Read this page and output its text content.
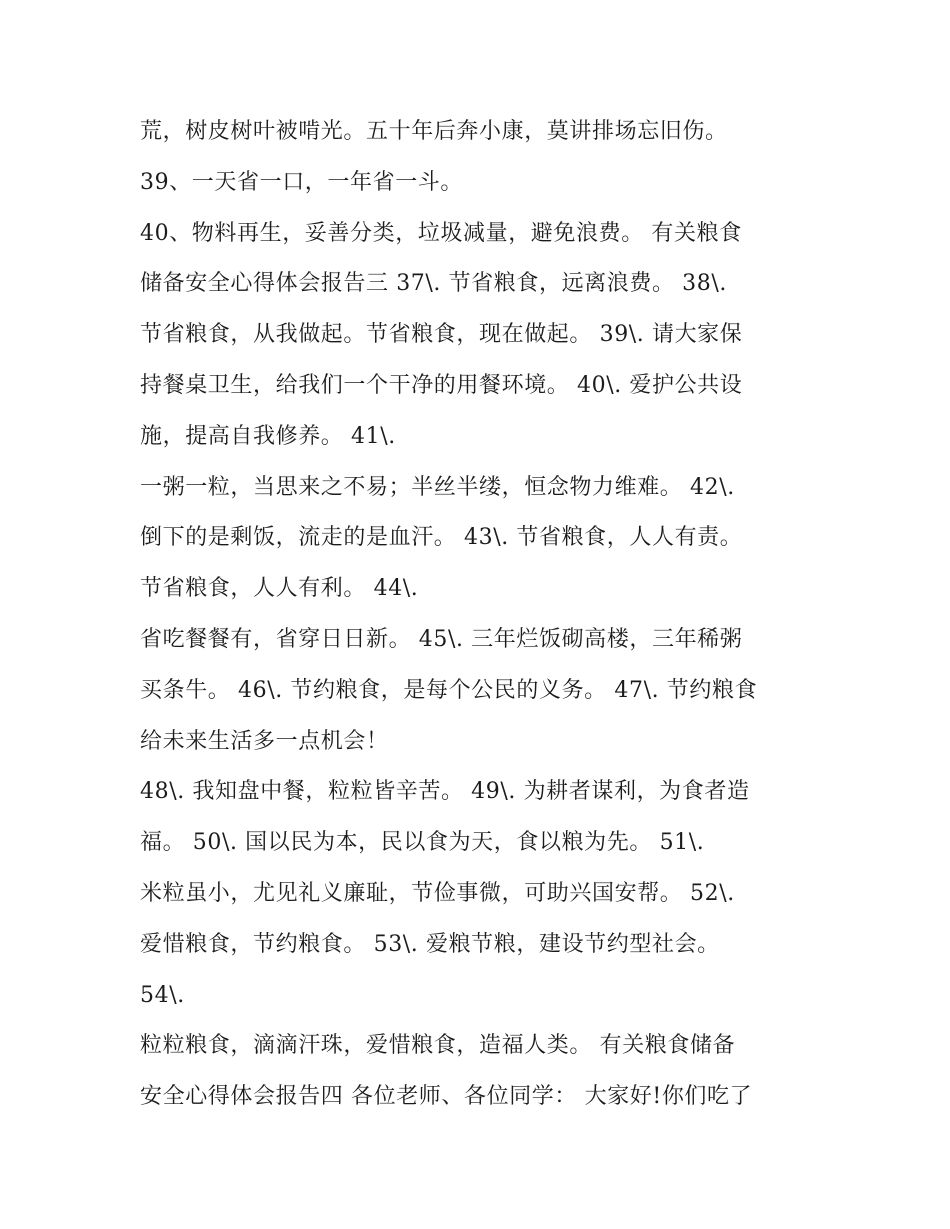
荒，树皮树叶被啃光。五十年后奔小康，莫讲排场忘旧伤。
39、一天省一口，一年省一斗。
40、物料再生，妥善分类，垃圾减量，避免浪费。 有关粮食
储备安全心得体会报告三 37\. 节省粮食，远离浪费。 38\.
节省粮食，从我做起。节省粮食，现在做起。 39\. 请大家保
持餐桌卫生，给我们一个干净的用餐环境。 40\. 爱护公共设
施，提高自我修养。 41\.
一粥一粒，当思来之不易；半丝半缕，恒念物力维难。 42\.
倒下的是剩饭，流走的是血汗。 43\. 节省粮食，人人有责。
节省粮食，人人有利。 44\.
省吃餐餐有，省穿日日新。 45\. 三年烂饭砌高楼，三年稀粥
买条牛。 46\. 节约粮食，是每个公民的义务。 47\. 节约粮食
给未来生活多一点机会！
48\. 我知盘中餐，粒粒皆辛苦。 49\. 为耕者谋利，为食者造
福。 50\. 国以民为本，民以食为天，食以粮为先。 51\.
米粒虽小，尤见礼义廉耻，节俭事微，可助兴国安帮。 52\.
爱惜粮食，节约粮食。 53\. 爱粮节粮，建设节约型社会。
54\.
粒粒粮食，滴滴汗珠，爱惜粮食，造福人类。 有关粮食储备
安全心得体会报告四 各位老师、各位同学： 大家好!你们吃了
